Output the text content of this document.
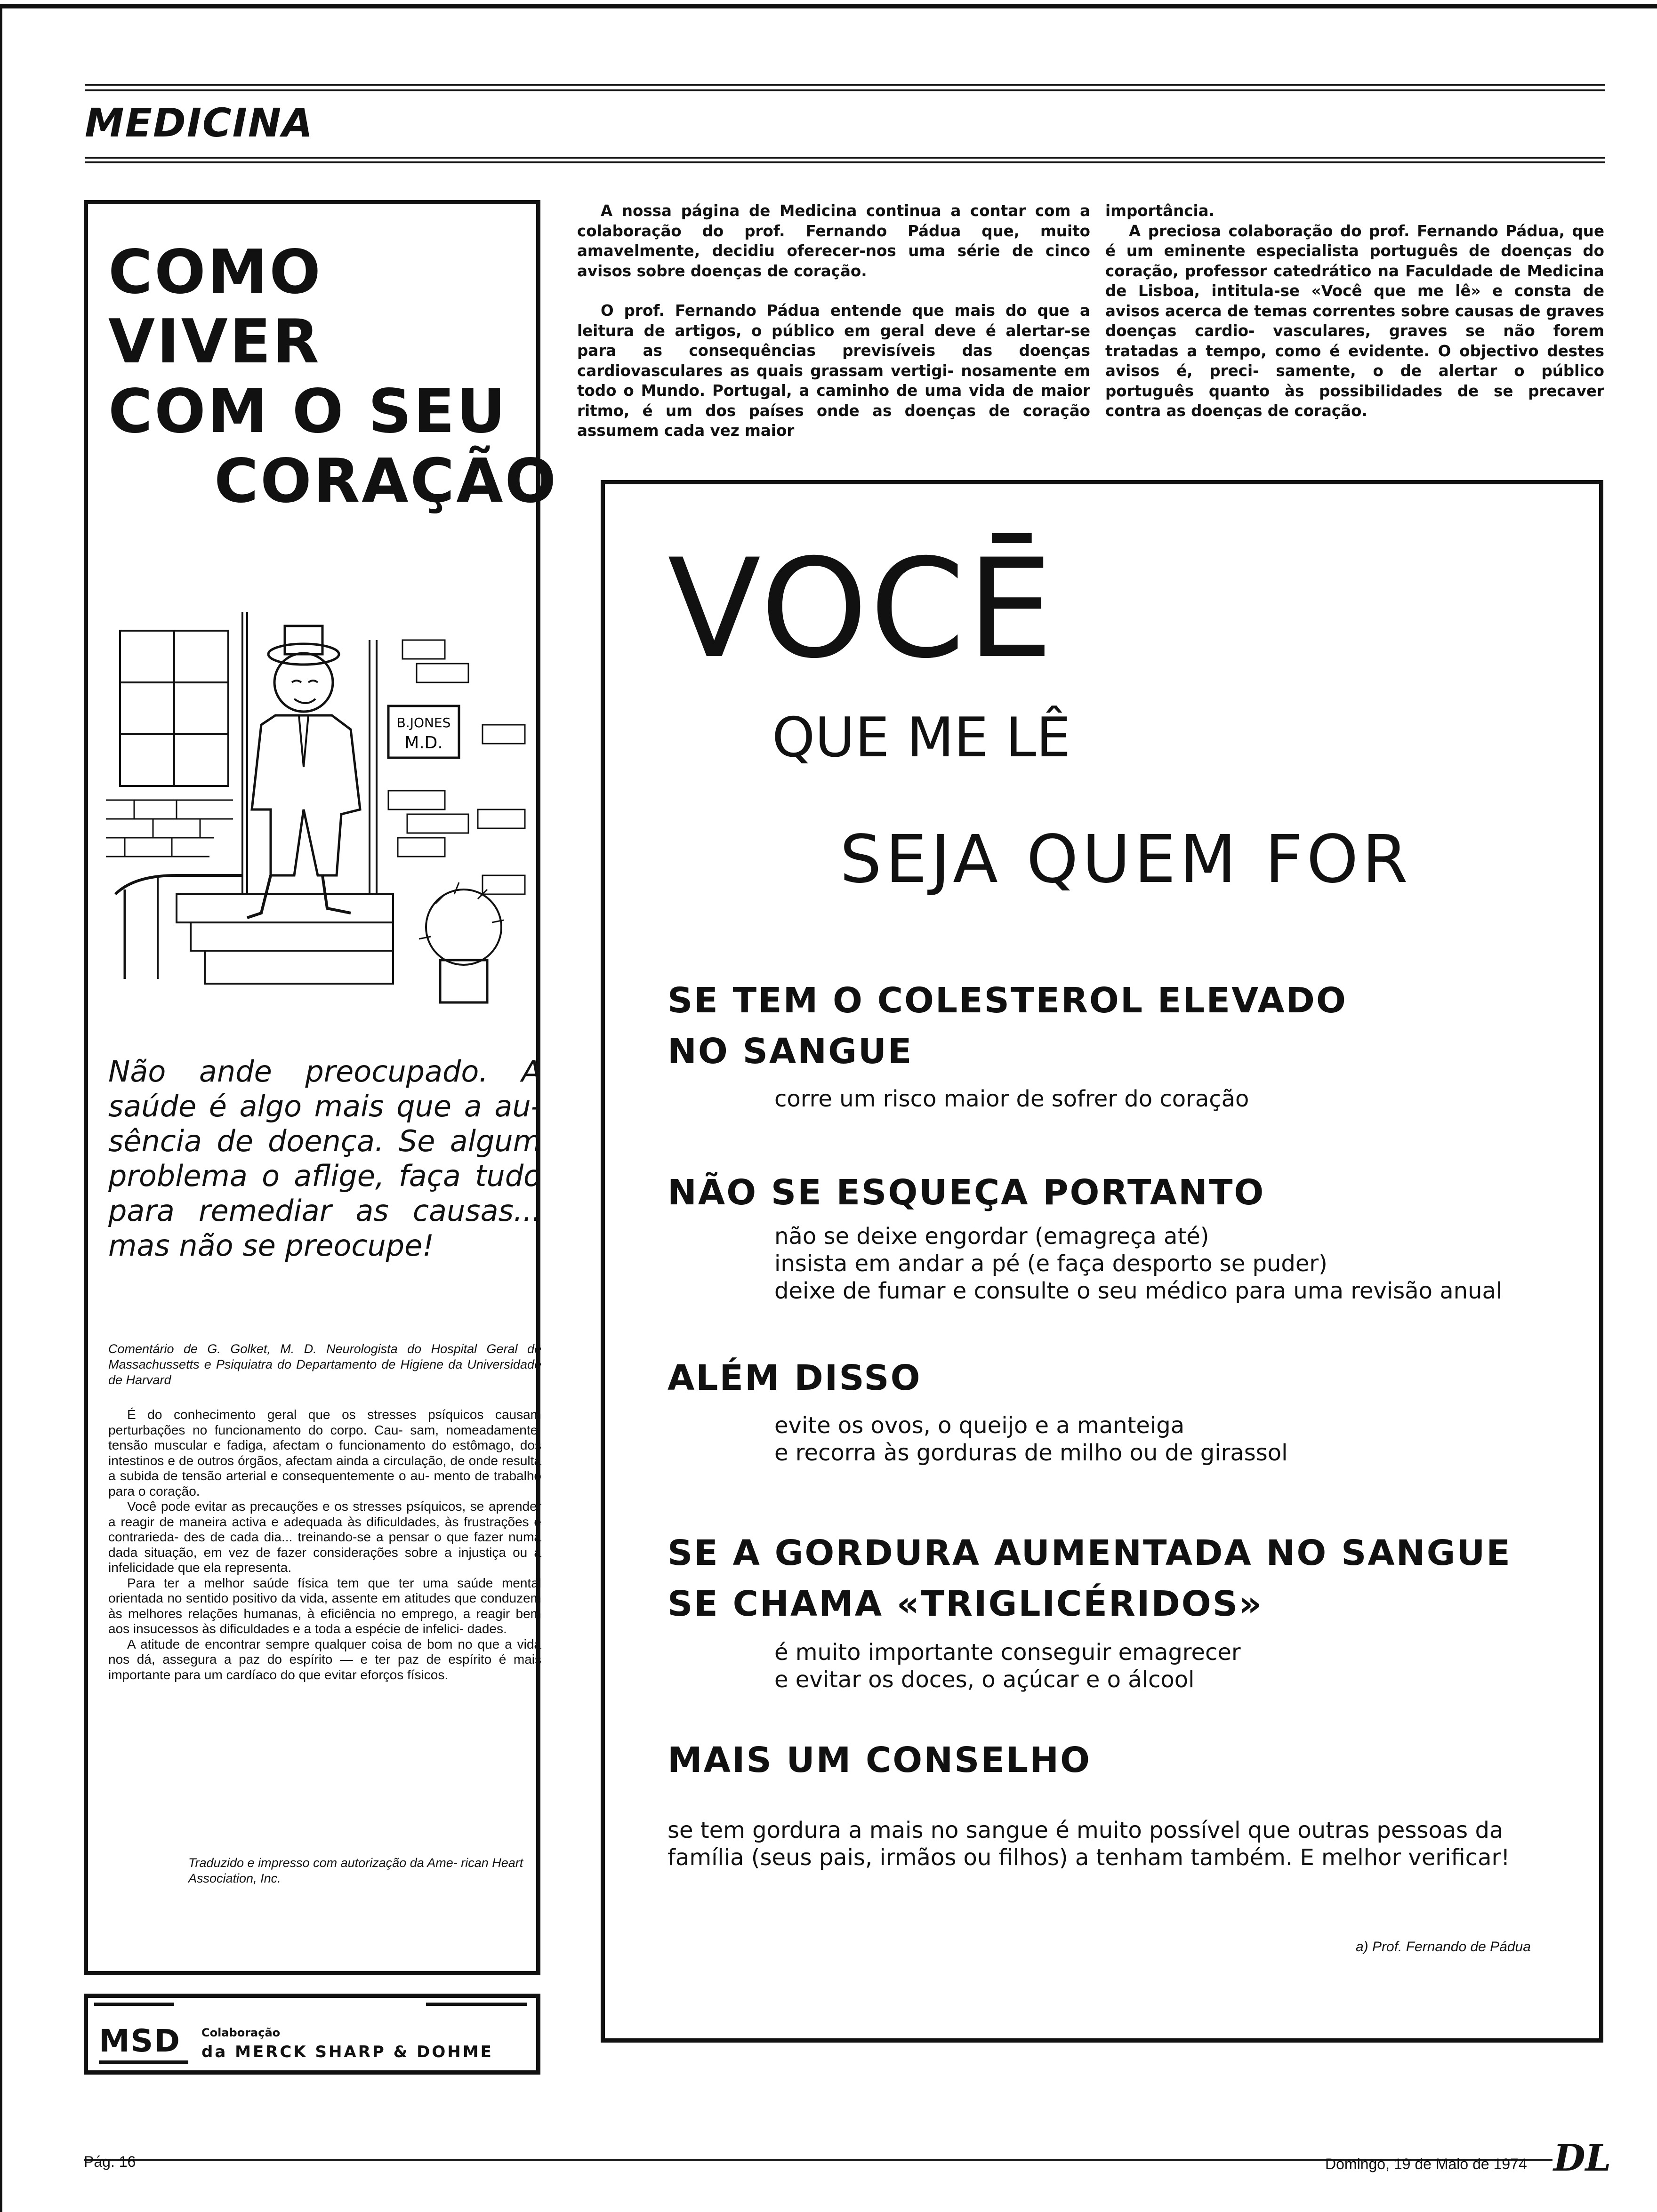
MEDICINA
COMO VIVER
COM O SEU
CORAÇÃO
B.JONES
M.D.
Não ande preocupado. A saúde é algo mais que a au- sência de doença. Se algum problema o aflige, faça tudo para remediar as causas... mas não se preocupe!
Comentário de G. Golket, M. D. Neurologista do Hospital Geral de Massachussetts e Psiquiatra do Departamento de Higiene da Universidade de Harvard

É do conhecimento geral que os stresses psíquicos causam perturbações no funcionamento do corpo. Cau- sam, nomeadamente, tensão muscular e fadiga, afectam o funcionamento do estômago, dos intestinos e de outros órgãos, afectam ainda a circulação, de onde resulta a subida de tensão arterial e consequentemente o au- mento de trabalho para o coração.

Você pode evitar as precauções e os stresses psíquicos, se aprender a reagir de maneira activa e adequada às dificuldades, às frustrações e contrarieda- des de cada dia... treinando-se a pensar o que fazer numa dada situação, em vez de fazer considerações sobre a injustiça ou a infelicidade que ela representa.

Para ter a melhor saúde física tem que ter uma saúde mental orientada no sentido positivo da vida, assente em atitudes que conduzem às melhores relações humanas, à eficiência no emprego, a reagir bem aos insucessos às dificuldades e a toda a espécie de infelici- dades.

A atitude de encontrar sempre qualquer coisa de bom no que a vida nos dá, assegura a paz do espírito — e ter paz de espírito é mais importante para um cardíaco do que evitar eforços físicos.

Traduzido e impresso com autorização da Ame- rican Heart Association, Inc.
MSD Colaboração
da MERCK SHARP & DOHME

A nossa página de Medicina continua a contar com a colaboração do prof. Fernando Pádua que, muito amavelmente, decidiu oferecer-nos uma série de cinco avisos sobre doenças de coração.

O prof. Fernando Pádua entende que mais do que a leitura de artigos, o público em geral deve é alertar-se para as consequências previsíveis das doenças cardiovasculares as quais grassam vertigi- nosamente em todo o Mundo. Portugal, a caminho de uma vida de maior ritmo, é um dos países onde as doenças de coração assumem cada vez maior

importância.

A preciosa colaboração do prof. Fernando Pádua, que é um eminente especialista português de doenças do coração, professor catedrático na Faculdade de Medicina de Lisboa, intitula-se «Você que me lê» e consta de avisos acerca de temas correntes sobre causas de graves doenças cardio- vasculares, graves se não forem tratadas a tempo, como é evidente. O objectivo destes avisos é, preci- samente, o de alertar o público português quanto às possibilidades de se precaver contra as doenças de coração.

VOCĒ
QUE ME LÊ
SEJA QUEM FOR
SE TEM O COLESTEROL ELEVADO
NO SANGUE
corre um risco maior de sofrer do coração
NÃO SE ESQUEÇA PORTANTO
não se deixe engordar (emagreça até)
insista em andar a pé (e faça desporto se puder)
deixe de fumar e consulte o seu médico para uma revisão anual
ALÉM DISSO
evite os ovos, o queijo e a manteiga
e recorra às gorduras de milho ou de girassol
SE A GORDURA AUMENTADA NO SANGUE
SE CHAMA «TRIGLICÉRIDOS»
é muito importante conseguir emagrecer
e evitar os doces, o açúcar e o álcool
MAIS UM CONSELHO
se tem gordura a mais no sangue é muito possível que outras pessoas da família (seus pais, irmãos ou filhos) a tenham também. E melhor verificar!
a) Prof. Fernando de Pádua
Pág. 16	Domingo, 19 de Maio de 1974 DL
